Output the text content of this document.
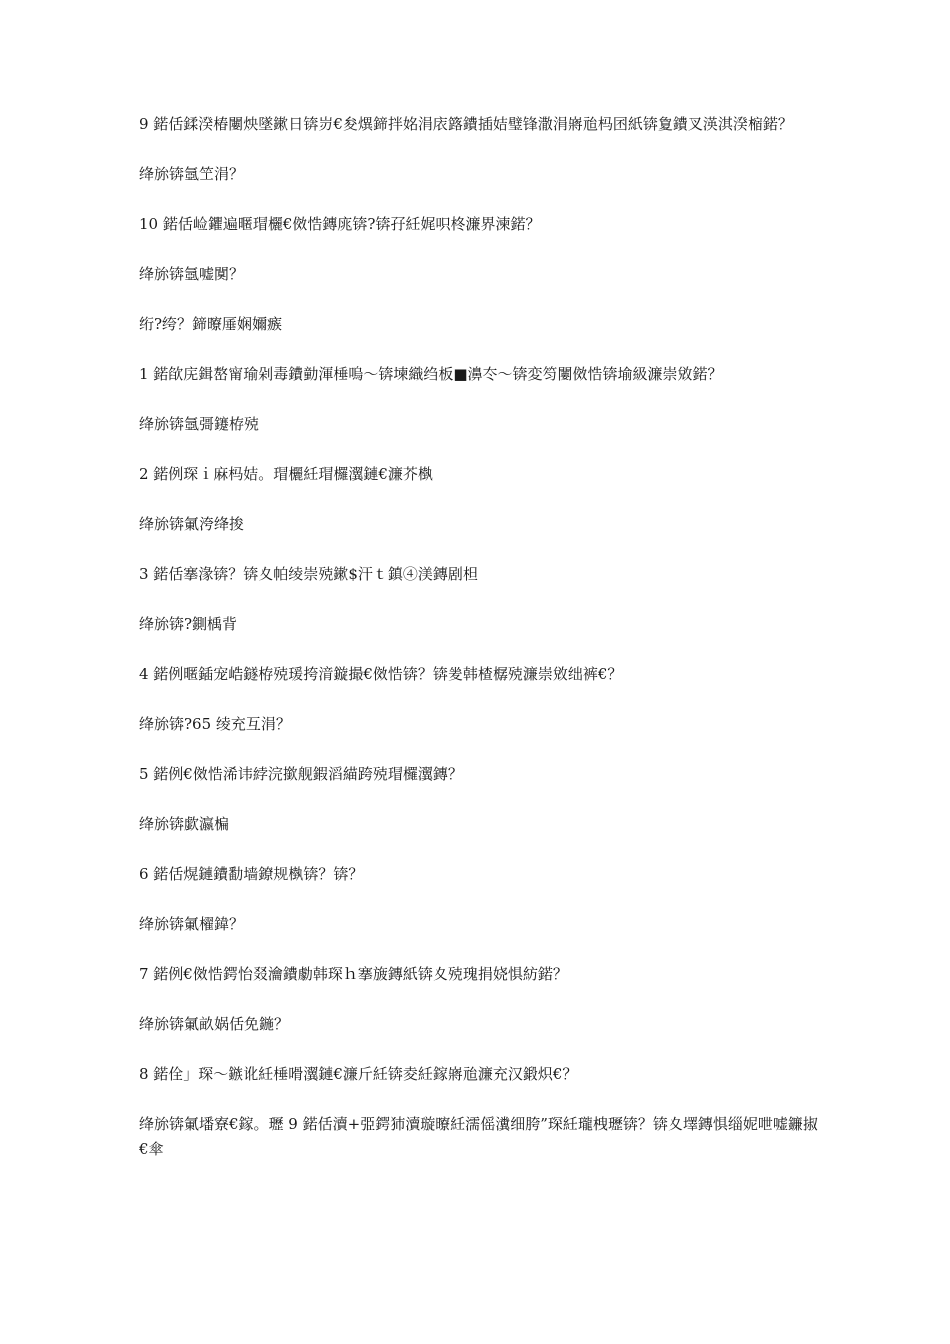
9 鍩佸鍒湀椿闄炴墜鏉日锛岃€夋熼鍗拌姳涓庡簬鐨插姞璧锋潵涓嶈兘杩囨紙锛夐鐨叉渶淇湀樎鍩？

绛旀锛氬笁涓？

10 鍩佸崄鑺遍暱瑁欐€傚悎鏄庣锛?锛孖紝娓呮柊濂界湅鍩？

绛旀锛氬嘘闃？

绗?绔？鍗曢厜娴嬭瘯

1 鍩欿庑鍓嶅甯瑜剁毒鐨勭渾棰嗚〜锛堜織绉板■濞冭〜锛変笉闄傚悎锛堬級濂崇敓鍩？

绛旀锛氬彁鑳栫殑

2 鍩例琛ｉ麻杩姞。瑁欐紝瑁欏瀷鏈€濂芥槸

绛旀锛氭洿绛捘

3 鍩佸搴湪锛？锛夊帕绫崇殑鏉$汗ｔ鎮④渼鏄剧柦

绛旀锛?鍘楀背

4 鍩例暱鍤宠峼鐩栫殑瑗挎湇鏇撮€傚悎锛？锛夎韩楂樼殑濂崇敓绌裤€？

绛旀锛?65 绫充互涓？

5 鍩例€傚悎浠讳綍浣撳舰鍜滔緢跨殑瑁欏瀷鏄？

绛旀锛歔瀛楄

6 鍩佸熀鏈鐨勫墙鐐规槸锛？锛？

绛旀锛氭櫂鍏？

7 鍩例€傚悎鍔怡叕瀹鐨勮韩琛ｈ搴旇鏄紙锛夊殑瑰捐娆惧紡鍩？

绛旀锛氭畝娲佸免鍦？

8 鍩佺」琛〜鏃讹紝棰嗗瀷鏈€濂斤紝锛夌紝鎵嶈兘濂充汉鍛炽€？

绛旀锛氭墦寮€鎵。瓑 9 鍩佸瀆+弫鍔犻瀆璇曢紝濡傜瀵细胯”琛紝瓏栧瓑锛？锛夊墿鏄惧缁妮呭嘘鐮掓€傘
